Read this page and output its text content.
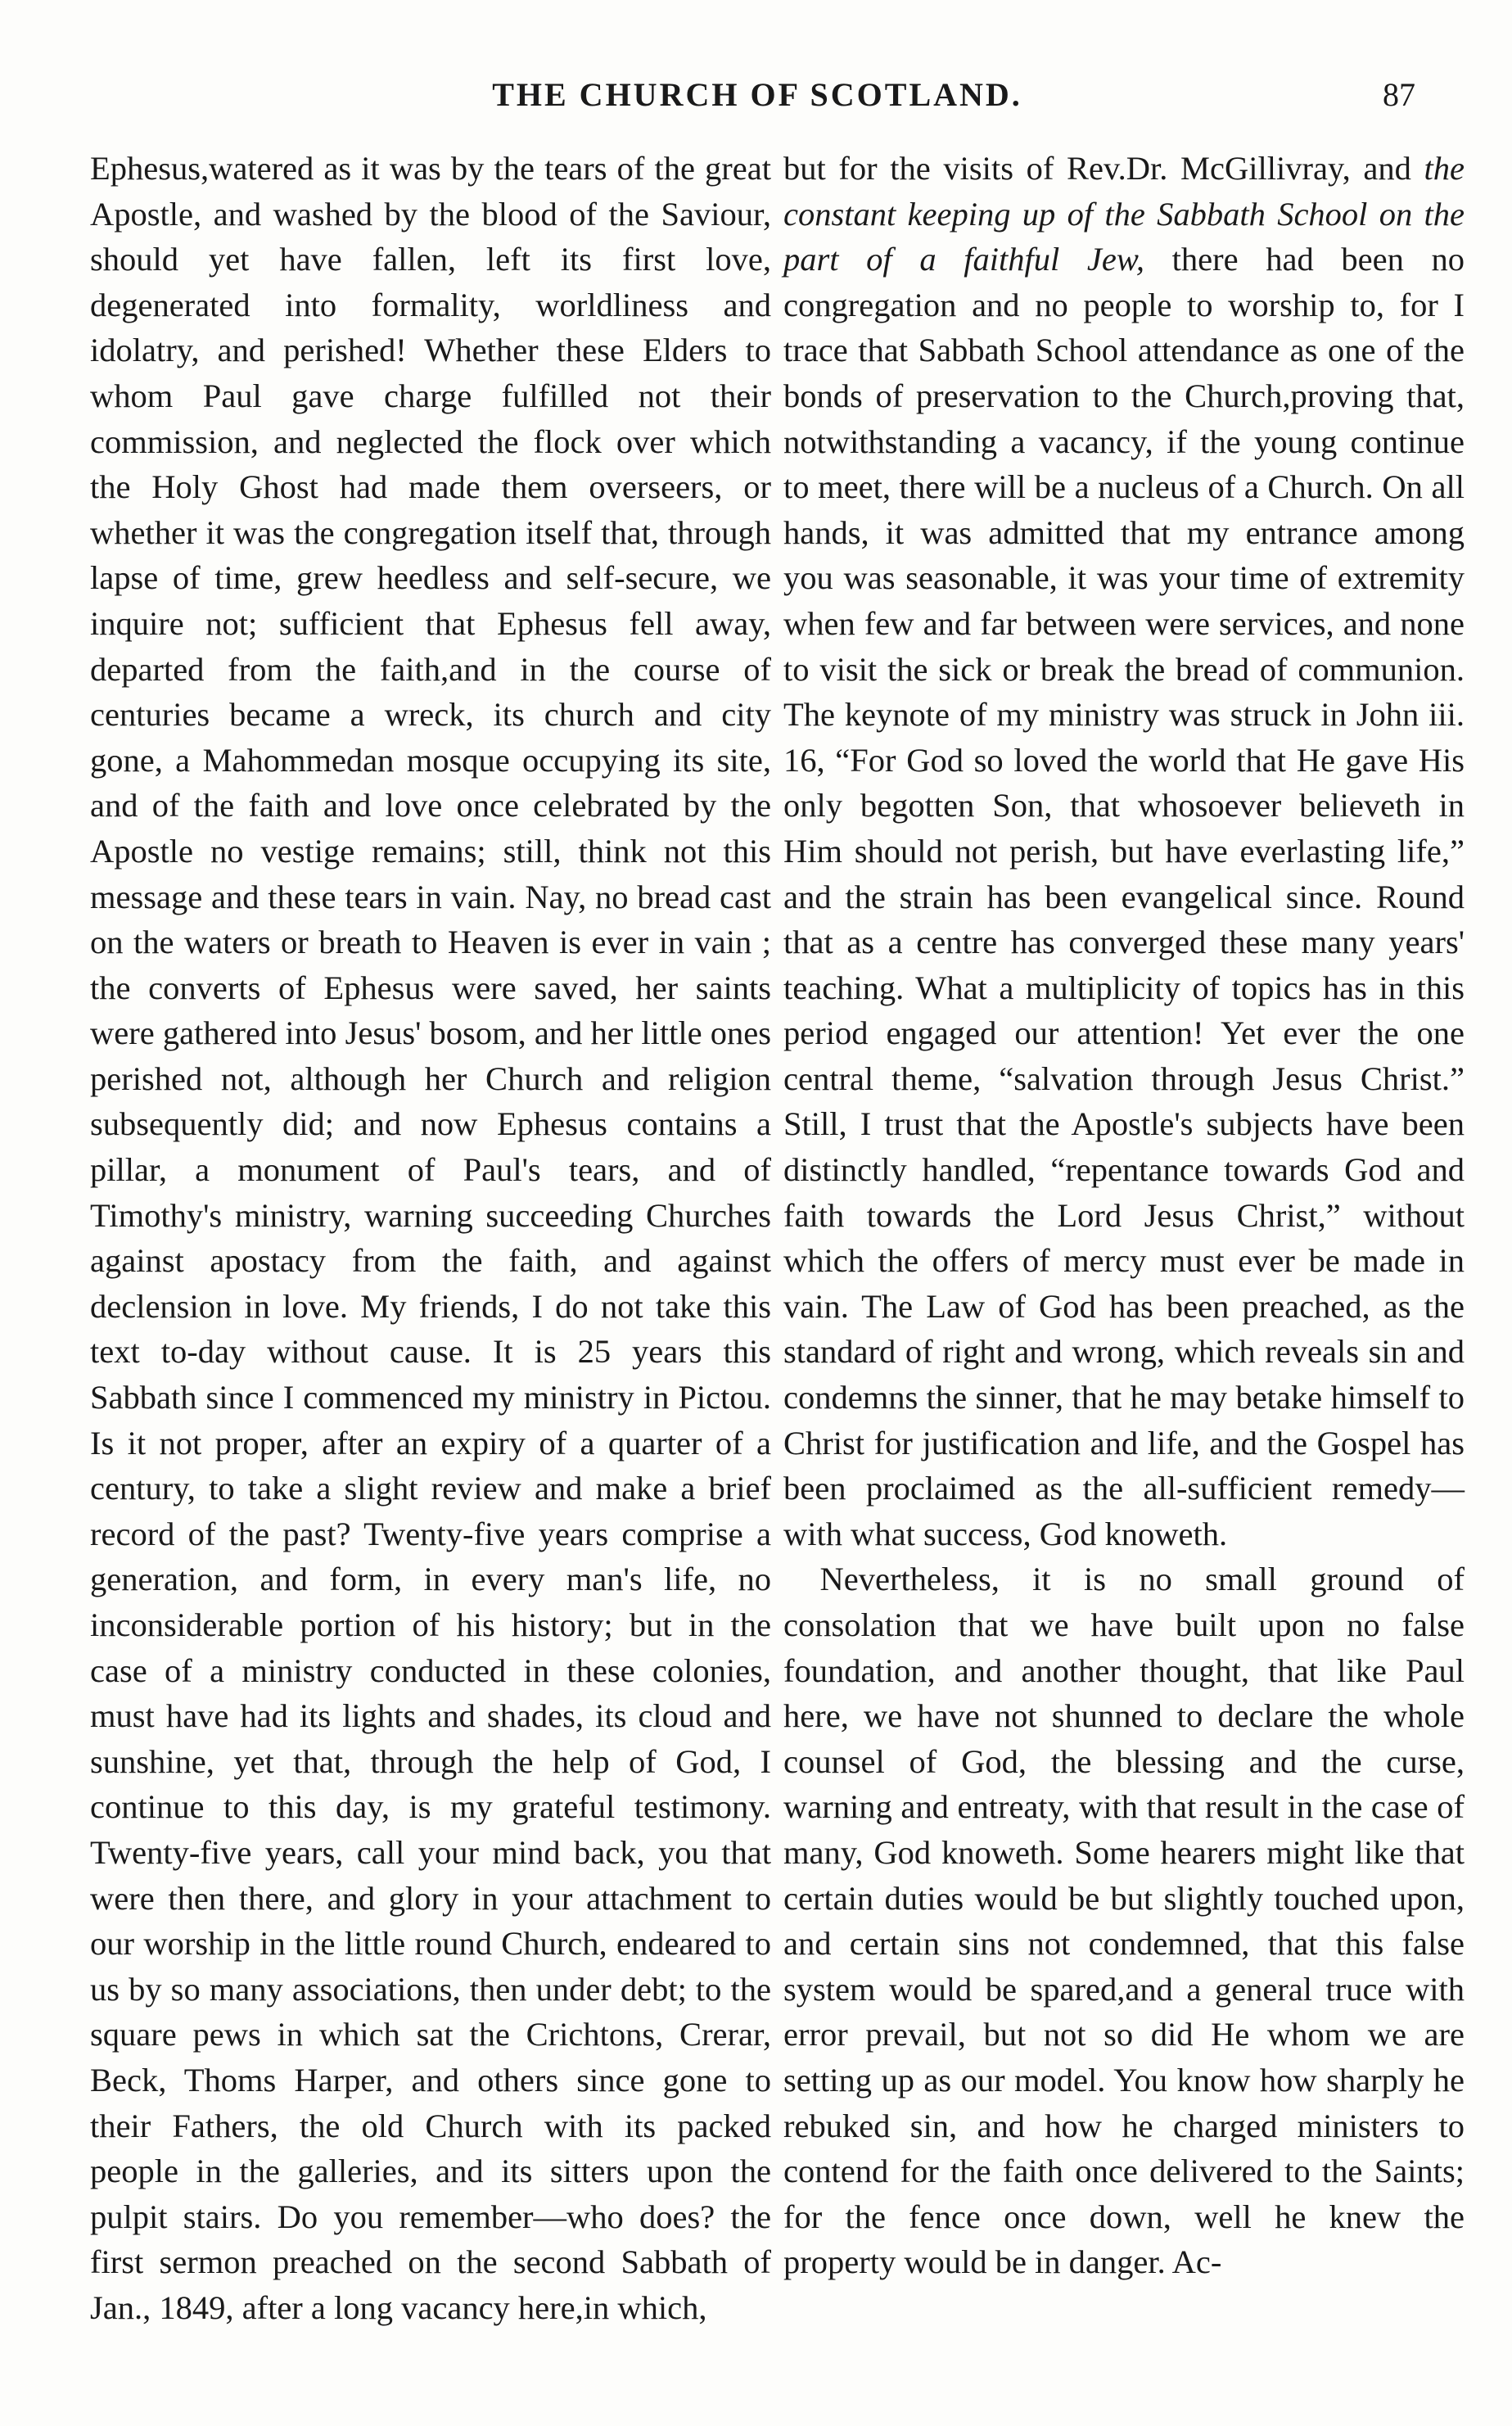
THE CHURCH OF SCOTLAND.	87

Ephesus,watered as it was by the tears of the great Apostle, and washed by the blood of the Saviour, should yet have fallen, left its first love, degenerated into formality, worldliness and idolatry, and perished! Whether these Elders to whom Paul gave charge fulfilled not their commission, and neglected the flock over which the Holy Ghost had made them overseers, or whether it was the congregation itself that, through lapse of time, grew heedless and self-secure, we inquire not; sufficient that Ephesus fell away, departed from the faith,and in the course of centuries became a wreck, its church and city gone, a Mahommedan mosque occupying its site, and of the faith and love once celebrated by the Apostle no vestige remains; still, think not this message and these tears in vain. Nay, no bread cast on the waters or breath to Heaven is ever in vain ; the converts of Ephesus were saved, her saints were gathered into Jesus' bosom, and her little ones perished not, although her Church and religion subsequently did; and now Ephesus contains a pillar, a monument of Paul's tears, and of Timothy's ministry, warning succeeding Churches against apostacy from the faith, and against declension in love. My friends, I do not take this text to-day without cause. It is 25 years this Sabbath since I commenced my ministry in Pictou. Is it not proper, after an expiry of a quarter of a century, to take a slight review and make a brief record of the past? Twenty-five years comprise a generation, and form, in every man's life, no inconsiderable portion of his history; but in the case of a ministry conducted in these colonies, must have had its lights and shades, its cloud and sunshine, yet that, through the help of God, I continue to this day, is my grateful testimony. Twenty-five years, call your mind back, you that were then there, and glory in your attachment to our worship in the little round Church, endeared to us by so many associations, then under debt; to the square pews in which sat the Crichtons, Crerar, Beck, Thoms Harper, and others since gone to their Fathers, the old Church with its packed people in the galleries, and its sitters upon the pulpit stairs. Do you remember—who does? the first sermon preached on the second Sabbath of Jan., 1849, after a long vacancy here,in which,

but for the visits of Rev.Dr. McGillivray, and the constant keeping up of the Sabbath School on the part of a faithful Jew, there had been no congregation and no people to worship to, for I trace that Sabbath School attendance as one of the bonds of preservation to the Church,proving that, notwithstanding a vacancy, if the young continue to meet, there will be a nucleus of a Church. On all hands, it was admitted that my entrance among you was seasonable, it was your time of extremity when few and far between were services, and none to visit the sick or break the bread of communion. The keynote of my ministry was struck in John iii. 16, “For God so loved the world that He gave His only begotten Son, that whosoever believeth in Him should not perish, but have everlasting life,” and the strain has been evangelical since. Round that as a centre has converged these many years' teaching. What a multiplicity of topics has in this period engaged our attention! Yet ever the one central theme, “salvation through Jesus Christ.” Still, I trust that the Apostle's subjects have been distinctly handled, “repentance towards God and faith towards the Lord Jesus Christ,” without which the offers of mercy must ever be made in vain. The Law of God has been preached, as the standard of right and wrong, which reveals sin and condemns the sinner, that he may betake himself to Christ for justification and life, and the Gospel has been proclaimed as the all-sufficient remedy—with what success, God knoweth.

Nevertheless, it is no small ground of consolation that we have built upon no false foundation, and another thought, that like Paul here, we have not shunned to declare the whole counsel of God, the blessing and the curse, warning and entreaty, with that result in the case of many, God knoweth. Some hearers might like that certain duties would be but slightly touched upon, and certain sins not condemned, that this false system would be spared,and a general truce with error prevail, but not so did He whom we are setting up as our model. You know how sharply he rebuked sin, and how he charged ministers to contend for the faith once delivered to the Saints; for the fence once down, well he knew the property would be in danger. Ac-
